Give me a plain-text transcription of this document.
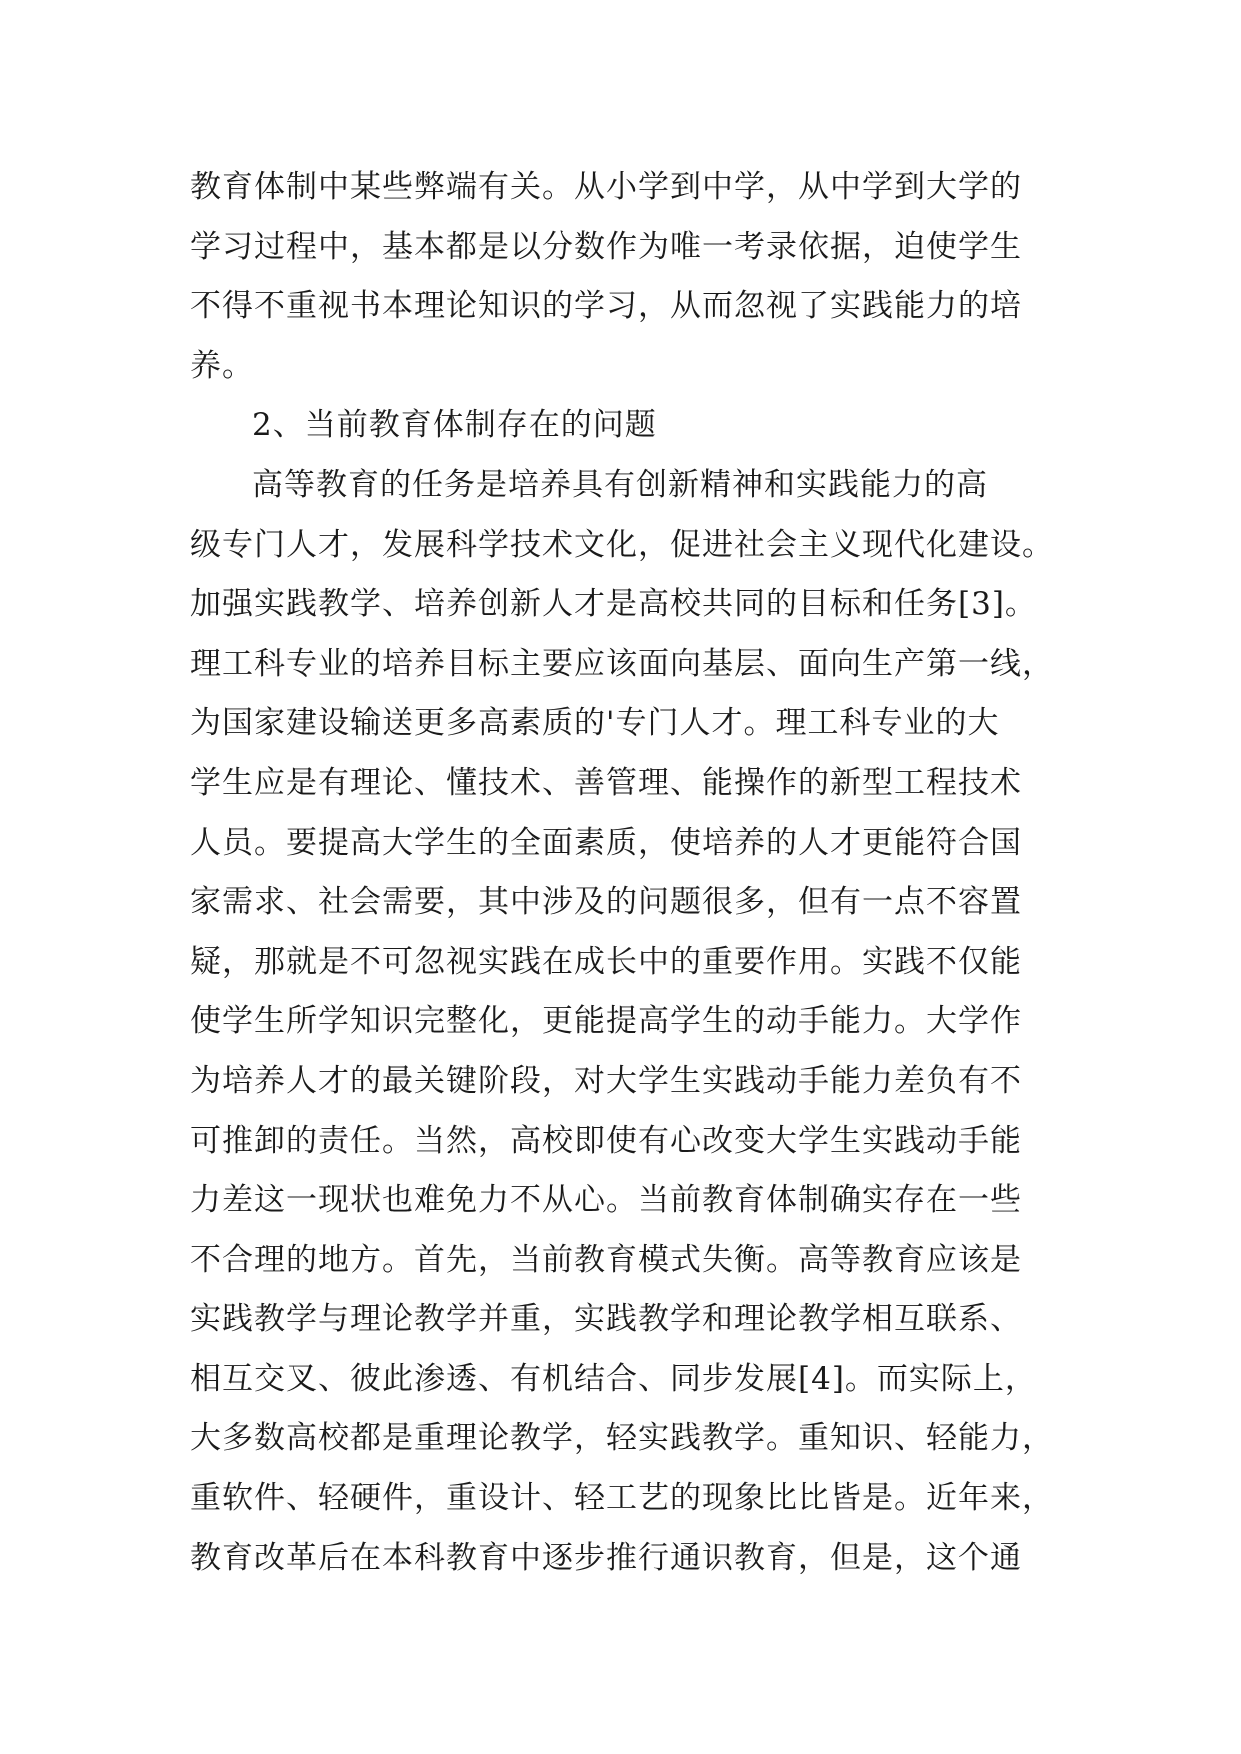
教育体制中某些弊端有关。从小学到中学，从中学到大学的
学习过程中，基本都是以分数作为唯一考录依据，迫使学生
不得不重视书本理论知识的学习，从而忽视了实践能力的培
养。
2、当前教育体制存在的问题
高等教育的任务是培养具有创新精神和实践能力的高
级专门人才，发展科学技术文化，促进社会主义现代化建设。
加强实践教学、培养创新人才是高校共同的目标和任务[3]。
理工科专业的培养目标主要应该面向基层、面向生产第一线，
为国家建设输送更多高素质的'专门人才。理工科专业的大
学生应是有理论、懂技术、善管理、能操作的新型工程技术
人员。要提高大学生的全面素质，使培养的人才更能符合国
家需求、社会需要，其中涉及的问题很多，但有一点不容置
疑，那就是不可忽视实践在成长中的重要作用。实践不仅能
使学生所学知识完整化，更能提高学生的动手能力。大学作
为培养人才的最关键阶段，对大学生实践动手能力差负有不
可推卸的责任。当然，高校即使有心改变大学生实践动手能
力差这一现状也难免力不从心。当前教育体制确实存在一些
不合理的地方。首先，当前教育模式失衡。高等教育应该是
实践教学与理论教学并重，实践教学和理论教学相互联系、
相互交叉、彼此渗透、有机结合、同步发展[4]。而实际上，
大多数高校都是重理论教学，轻实践教学。重知识、轻能力，
重软件、轻硬件，重设计、轻工艺的现象比比皆是。近年来，
教育改革后在本科教育中逐步推行通识教育，但是，这个通
